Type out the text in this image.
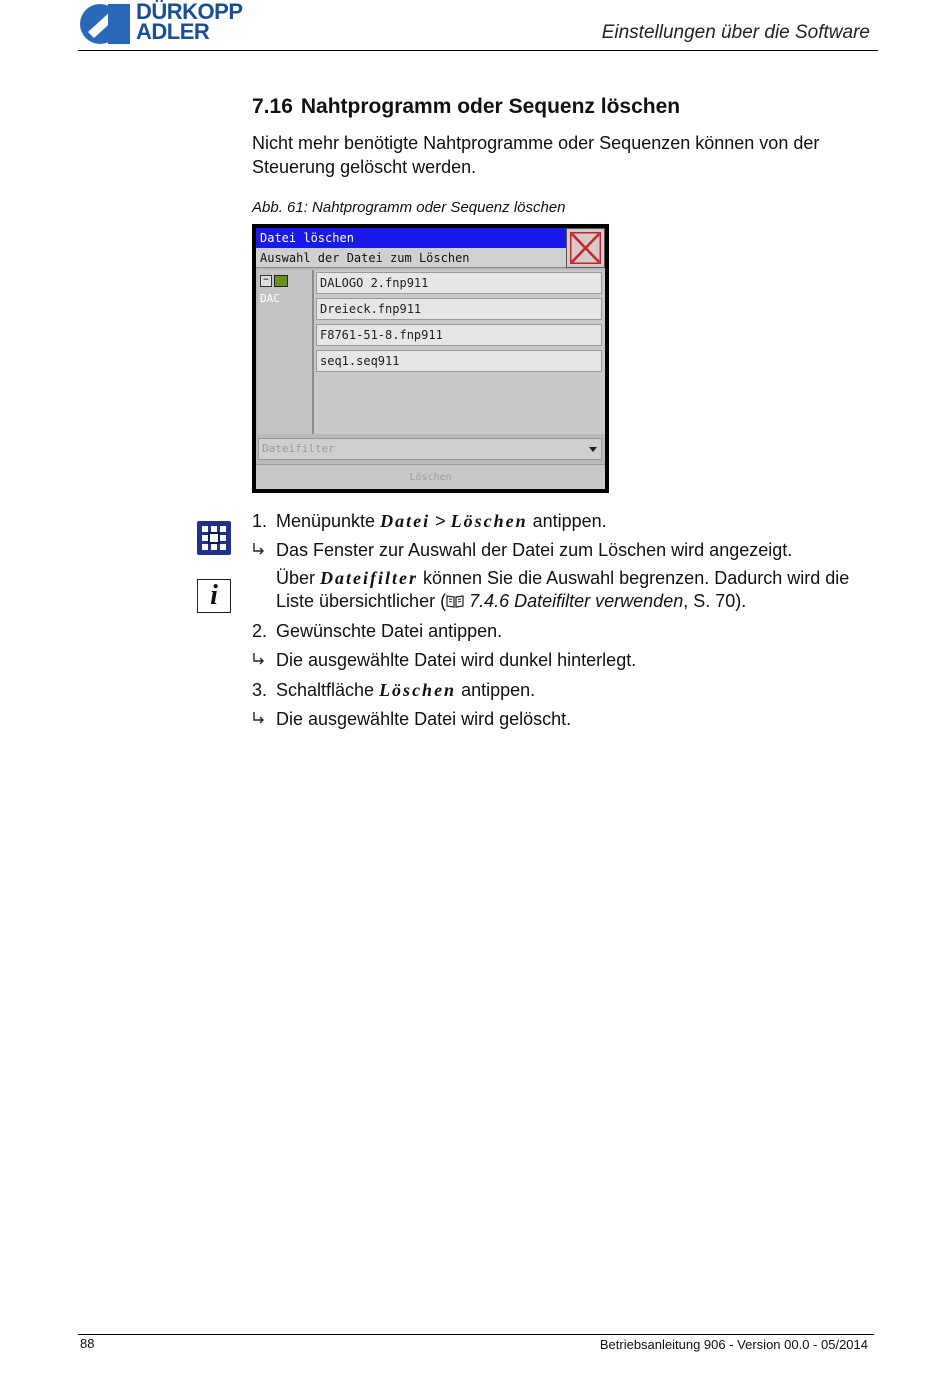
DÜRKOPP
ADLER	Einstellungen über die Software
7.16 Nahtprogramm oder Sequenz löschen
Nicht mehr benötigte Nahtprogramme oder Sequenzen können von der Steuerung gelöscht werden.
Abb. 61: Nahtprogramm oder Sequenz löschen
Datei löschen
Auswahl der Datei zum Löschen
−DAC
DALOGO 2.fnp911
Dreieck.fnp911
F8761-51-8.fnp911
seq1.seq911
Dateifilter
Löschen
i
1. Menüpunkte Datei > Löschen antippen.
Das Fenster zur Auswahl der Datei zum Löschen wird angezeigt.
Über Dateifilter können Sie die Auswahl begrenzen. Dadurch wird die Liste übersichtlicher ( 7.4.6 Dateifilter verwenden, S. 70).
2. Gewünschte Datei antippen.
Die ausgewählte Datei wird dunkel hinterlegt.
3. Schaltfläche Löschen antippen.
Die ausgewählte Datei wird gelöscht.
88	Betriebsanleitung 906 - Version 00.0 - 05/2014
